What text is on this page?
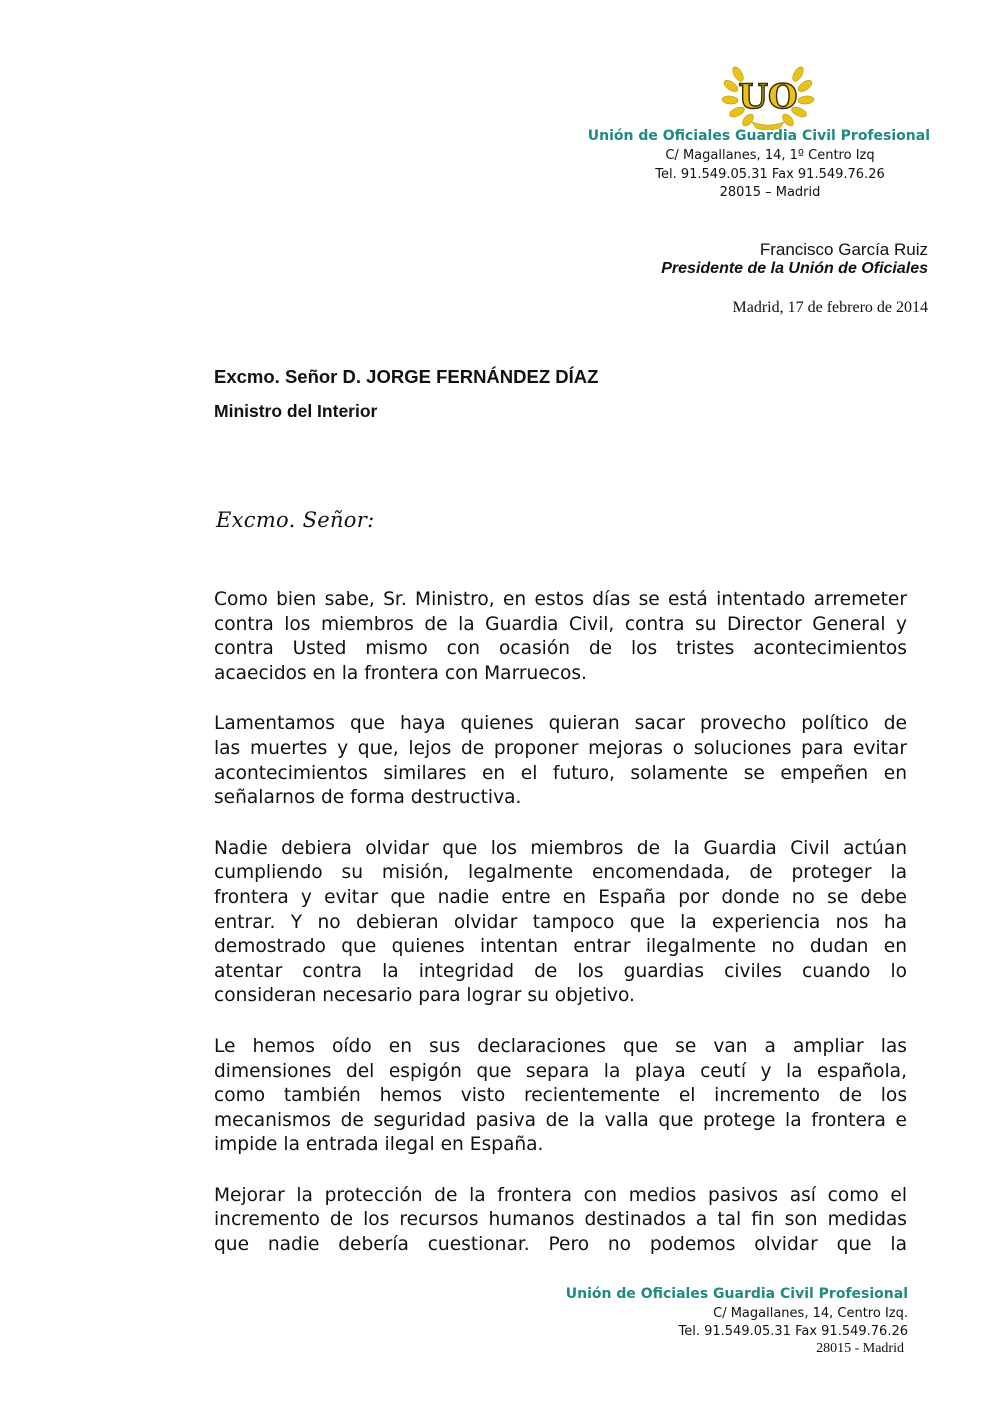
UO
Unión de Oficiales Guardia Civil Profesional
C/ Magallanes, 14, 1º Centro Izq
Tel. 91.549.05.31 Fax 91.549.76.26
28015 – Madrid
Francisco García Ruiz
Presidente de la Unión de Oficiales
Madrid, 17 de febrero de 2014
Excmo. Señor D. JORGE FERNÁNDEZ DÍAZ
Ministro del Interior
Excmo. Señor:

Como bien sabe, Sr. Ministro, en estos días se está intentado arremeter
contra los miembros de la Guardia Civil, contra su Director General y
contra Usted mismo con ocasión de los tristes acontecimientos
acaecidos en la frontera con Marruecos.

Lamentamos que haya quienes quieran sacar provecho político de
las muertes y que, lejos de proponer mejoras o soluciones para evitar
acontecimientos similares en el futuro, solamente se empeñen en
señalarnos de forma destructiva.

Nadie debiera olvidar que los miembros de la Guardia Civil actúan
cumpliendo su misión, legalmente encomendada, de proteger la
frontera y evitar que nadie entre en España por donde no se debe
entrar. Y no debieran olvidar tampoco que la experiencia nos ha
demostrado que quienes intentan entrar ilegalmente no dudan en
atentar contra la integridad de los guardias civiles cuando lo
consideran necesario para lograr su objetivo.

Le hemos oído en sus declaraciones que se van a ampliar las
dimensiones del espigón que separa la playa ceutí y la española,
como también hemos visto recientemente el incremento de los
mecanismos de seguridad pasiva de la valla que protege la frontera e
impide la entrada ilegal en España.

Mejorar la protección de la frontera con medios pasivos así como el
incremento de los recursos humanos destinados a tal fin son medidas
que nadie debería cuestionar. Pero no podemos olvidar que la

Unión de Oficiales Guardia Civil Profesional
C/ Magallanes, 14, Centro Izq.
Tel. 91.549.05.31 Fax 91.549.76.26
28015 - Madrid
